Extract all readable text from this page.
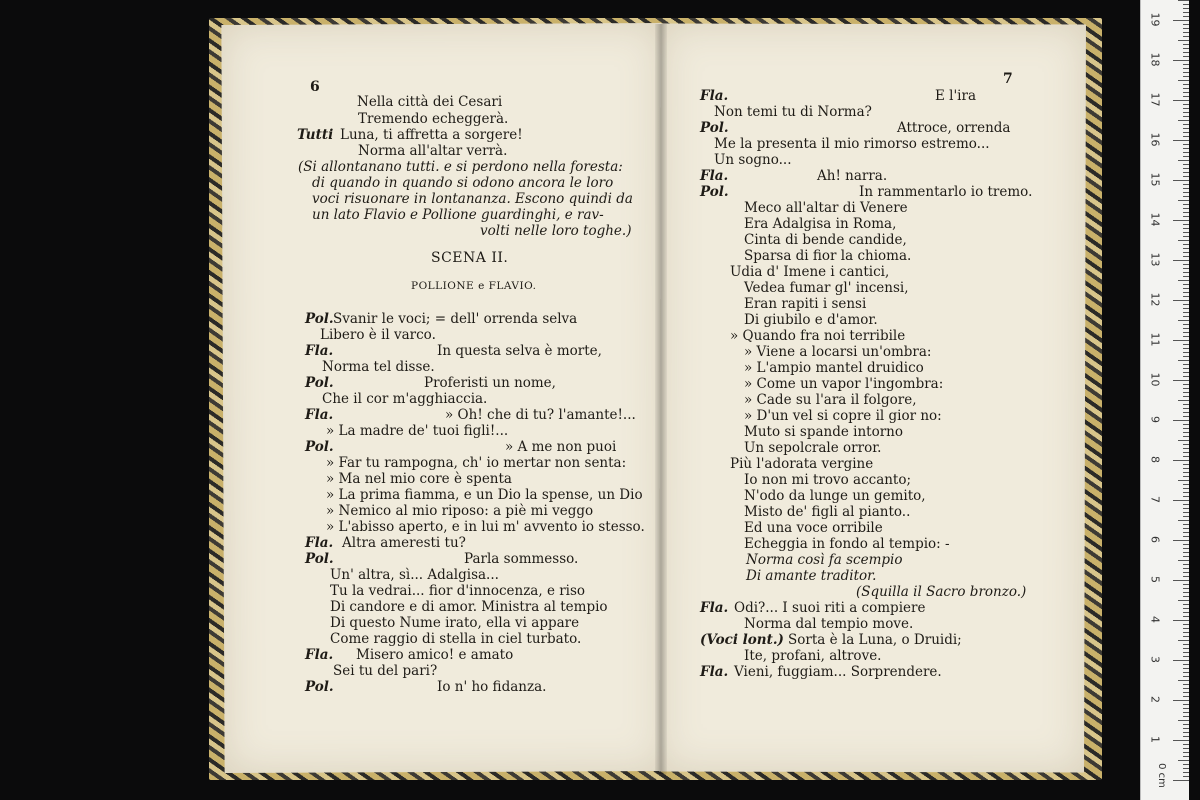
6	7
SCENA II.
POLLIONE e FLAVIO.
Nella città dei Cesari
Tremendo echeggerà.
Tutti Luna, ti affretta a sorgere!
Norma all'altar verrà.
(Si allontanano tutti. e si perdono nella foresta:
di quando in quando si odono ancora le loro
voci risuonare in lontananza. Escono quindi da
un lato Flavio e Pollione guardinghi, e rav-
volti nelle loro toghe.)
Pol. Svanir le voci; = dell' orrenda selva
Libero è il varco.
Fla.	In questa selva è morte,
Norma tel disse.
Pol.	Proferisti un nome,
Che il cor m'agghiaccia.
Fla.	» Oh! che di tu? l'amante!...
» La madre de' tuoi figli!...
Pol.	» A me non puoi
» Far tu rampogna, ch' io mertar non senta:
» Ma nel mio core è spenta
» La prima fiamma, e un Dio la spense, un Dio
» Nemico al mio riposo: a piè mi veggo
» L'abisso aperto, e in lui m' avvento io stesso.
Fla. Altra ameresti tu?
Pol.	Parla sommesso.
Un' altra, sì... Adalgisa...
Tu la vedrai... fior d'innocenza, e riso
Di candore e di amor. Ministra al tempio
Di questo Nume irato, ella vi appare
Come raggio di stella in ciel turbato.
Fla. Misero amico! e amato
Sei tu del pari?
Pol.	Io n' ho fidanza.
Fla.	E l'ira
Non temi tu di Norma?
Pol.	Attroce, orrenda
Me la presenta il mio rimorso estremo...
Un sogno...
Fla.	Ah! narra.
Pol.	In rammentarlo io tremo.
Meco all'altar di Venere
Era Adalgisa in Roma,
Cinta di bende candide,
Sparsa di fior la chioma.
Udia d' Imene i cantici,
Vedea fumar gl' incensi,
Eran rapiti i sensi
Di giubilo e d'amor.
» Quando fra noi terribile
» Viene a locarsi un'ombra:
» L'ampio mantel druidico
» Come un vapor l'ingombra:
» Cade su l'ara il folgore,
» D'un vel si copre il gior no:
Muto si spande intorno
Un sepolcrale orror.
Più l'adorata vergine
Io non mi trovo accanto;
N'odo da lunge un gemito,
Misto de' figli al pianto..
Ed una voce orribile
Echeggia in fondo al tempio: -
Norma così fa scempio
Di amante traditor.
(Squilla il Sacro bronzo.)
Fla. Odi?... I suoi riti a compiere
Norma dal tempio move.
(Voci lont.) Sorta è la Luna, o Druidi;
Ite, profani, altrove.
Fla. Vieni, fuggiam... Sorprendere.
1
2
3
4
5
6
7
8
9
10
11
12
13
14
15
16
17
18
19
0 cm
